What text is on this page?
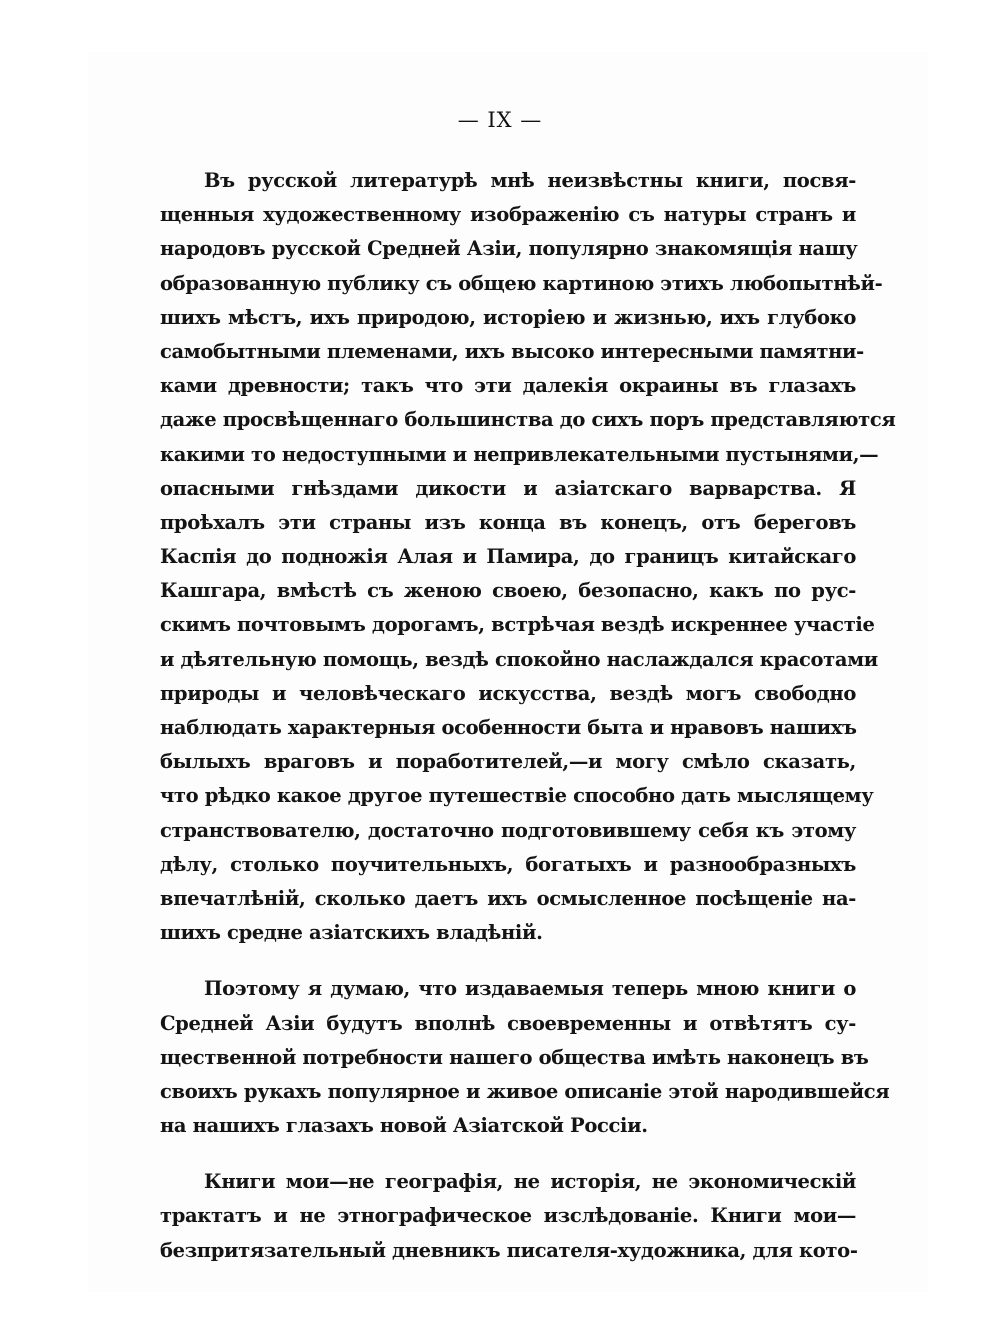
— IX —
Въ русской литературѣ мнѣ неизвѣстны книги, посвя-
щенныя художественному изображенію съ натуры странъ и
народовъ русской Средней Азіи, популярно знакомящія нашу
образованную публику съ общею картиною этихъ любопытнѣй-
шихъ мѣстъ, ихъ природою, исторіею и жизнью, ихъ глубоко
самобытными племенами, ихъ высоко интересными памятни-
ками древности; такъ что эти далекія окраины въ глазахъ
даже просвѣщеннаго большинства до сихъ поръ представляются
какими то недоступными и непривлекательными пустынями,—
опасными гнѣздами дикости и азіатскаго варварства. Я
проѣхалъ эти страны изъ конца въ конецъ, отъ береговъ
Каспія до подножія Алая и Памира, до границъ китайскаго
Кашгара, вмѣстѣ съ женою своею, безопасно, какъ по рус-
скимъ почтовымъ дорогамъ, встрѣчая вездѣ искреннее участіе
и дѣятельную помощь, вездѣ спокойно наслаждался красотами
природы и человѣческаго искусства, вездѣ могъ свободно
наблюдать характерныя особенности быта и нравовъ нашихъ
былыхъ враговъ и поработителей,—и могу смѣло сказать,
что рѣдко какое другое путешествіе способно дать мыслящему
странствователю, достаточно подготовившему себя къ этому
дѣлу, столько поучительныхъ, богатыхъ и разнообразныхъ
впечатлѣній, сколько даетъ ихъ осмысленное посѣщеніе на-
шихъ средне азіатскихъ владѣній.
Поэтому я думаю, что издаваемыя теперь мною книги о
Средней Азіи будутъ вполнѣ своевременны и отвѣтятъ су-
щественной потребности нашего общества имѣть наконецъ въ
своихъ рукахъ популярное и живое описаніе этой народившейся
на нашихъ глазахъ новой Азіатской Россіи.
Книги мои—не географія, не исторія, не экономическій
трактатъ и не этнографическое изслѣдованіе. Книги мои—
безпритязательный дневникъ писателя-художника, для кото-
